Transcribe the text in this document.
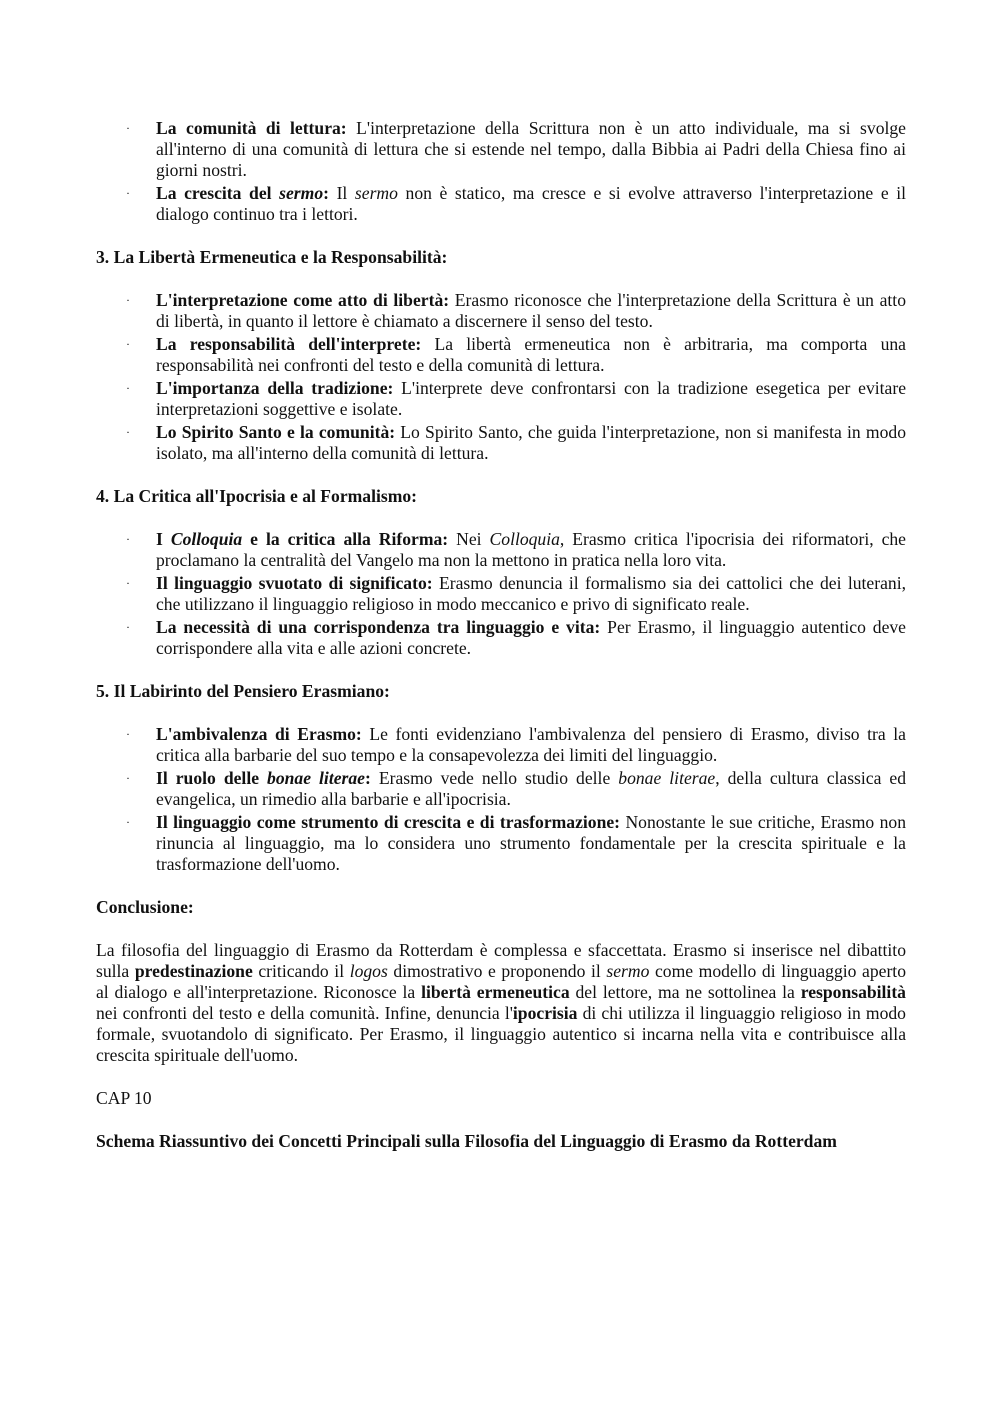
· La comunità di lettura: L'interpretazione della Scrittura non è un atto individuale, ma si svolge all'interno di una comunità di lettura che si estende nel tempo, dalla Bibbia ai Padri della Chiesa fino ai giorni nostri.
· La crescita del sermo: Il sermo non è statico, ma cresce e si evolve attraverso l'interpretazione e il dialogo continuo tra i lettori.

3. La Libertà Ermeneutica e la Responsabilità:

· L'interpretazione come atto di libertà: Erasmo riconosce che l'interpretazione della Scrittura è un atto di libertà, in quanto il lettore è chiamato a discernere il senso del testo.
· La responsabilità dell'interprete: La libertà ermeneutica non è arbitraria, ma comporta una responsabilità nei confronti del testo e della comunità di lettura.
· L'importanza della tradizione: L'interprete deve confrontarsi con la tradizione esegetica per evitare interpretazioni soggettive e isolate.
· Lo Spirito Santo e la comunità: Lo Spirito Santo, che guida l'interpretazione, non si manifesta in modo isolato, ma all'interno della comunità di lettura.

4. La Critica all'Ipocrisia e al Formalismo:

· I Colloquia e la critica alla Riforma: Nei Colloquia, Erasmo critica l'ipocrisia dei riformatori, che proclamano la centralità del Vangelo ma non la mettono in pratica nella loro vita.
· Il linguaggio svuotato di significato: Erasmo denuncia il formalismo sia dei cattolici che dei luterani, che utilizzano il linguaggio religioso in modo meccanico e privo di significato reale.
· La necessità di una corrispondenza tra linguaggio e vita: Per Erasmo, il linguaggio autentico deve corrispondere alla vita e alle azioni concrete.

5. Il Labirinto del Pensiero Erasmiano:

· L'ambivalenza di Erasmo: Le fonti evidenziano l'ambivalenza del pensiero di Erasmo, diviso tra la critica alla barbarie del suo tempo e la consapevolezza dei limiti del linguaggio.
· Il ruolo delle bonae literae: Erasmo vede nello studio delle bonae literae, della cultura classica ed evangelica, un rimedio alla barbarie e all'ipocrisia.
· Il linguaggio come strumento di crescita e di trasformazione: Nonostante le sue critiche, Erasmo non rinuncia al linguaggio, ma lo considera uno strumento fondamentale per la crescita spirituale e la trasformazione dell'uomo.

Conclusione:

La filosofia del linguaggio di Erasmo da Rotterdam è complessa e sfaccettata. Erasmo si inserisce nel dibattito sulla predestinazione criticando il logos dimostrativo e proponendo il sermo come modello di linguaggio aperto al dialogo e all'interpretazione. Riconosce la libertà ermeneutica del lettore, ma ne sottolinea la responsabilità nei confronti del testo e della comunità. Infine, denuncia l'ipocrisia di chi utilizza il linguaggio religioso in modo formale, svuotandolo di significato. Per Erasmo, il linguaggio autentico si incarna nella vita e contribuisce alla crescita spirituale dell'uomo.

CAP 10

Schema Riassuntivo dei Concetti Principali sulla Filosofia del Linguaggio di Erasmo da Rotterdam
